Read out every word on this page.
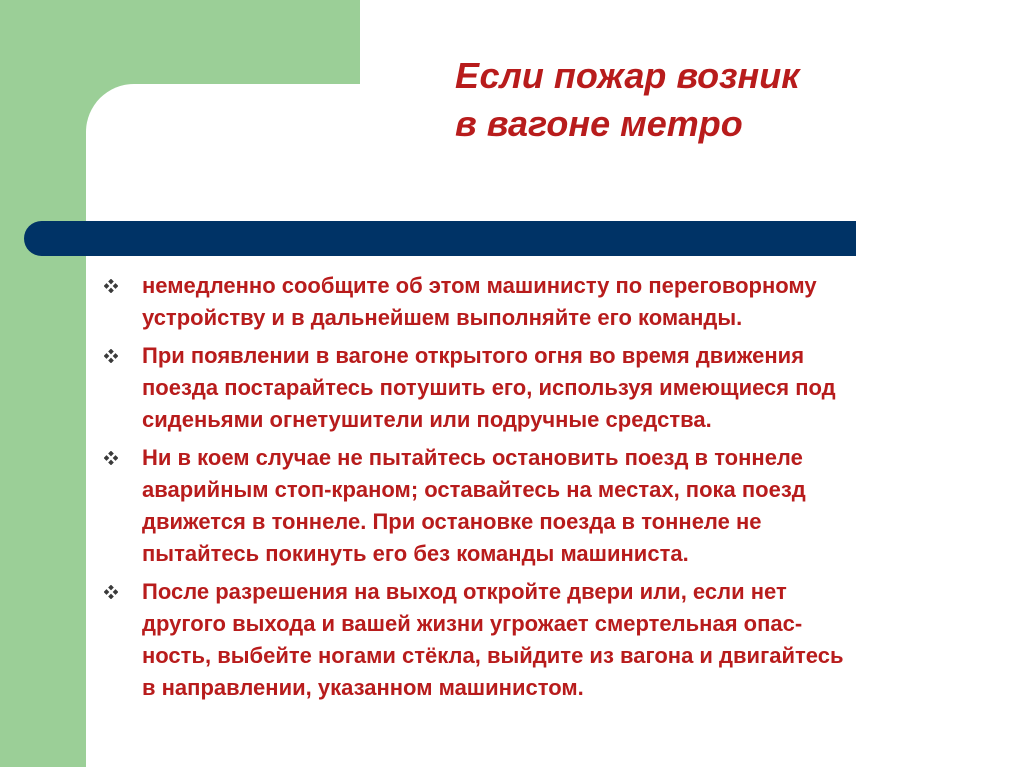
Если пожар возник
в вагоне метро
немедленно сообщите об этом машинисту по переговорному
устройству и в дальнейшем выполняйте его команды.
При появлении в вагоне открытого огня во время движения
поезда постарайтесь потушить его, используя имеющиеся под
сиденьями огнетушители или подручные средства.
Ни в коем случае не пытайтесь остановить поезд в тоннеле
аварийным стоп-краном; оставайтесь на местах, пока поезд
движется в тоннеле. При остановке поезда в тоннеле не
пытайтесь покинуть его без команды машиниста.
После разрешения на выход откройте двери или, если нет
другого выхода и вашей жизни угрожает смертельная опас-
ность, выбейте ногами стёкла, выйдите из вагона и двигайтесь
в направлении, указанном машинистом.
